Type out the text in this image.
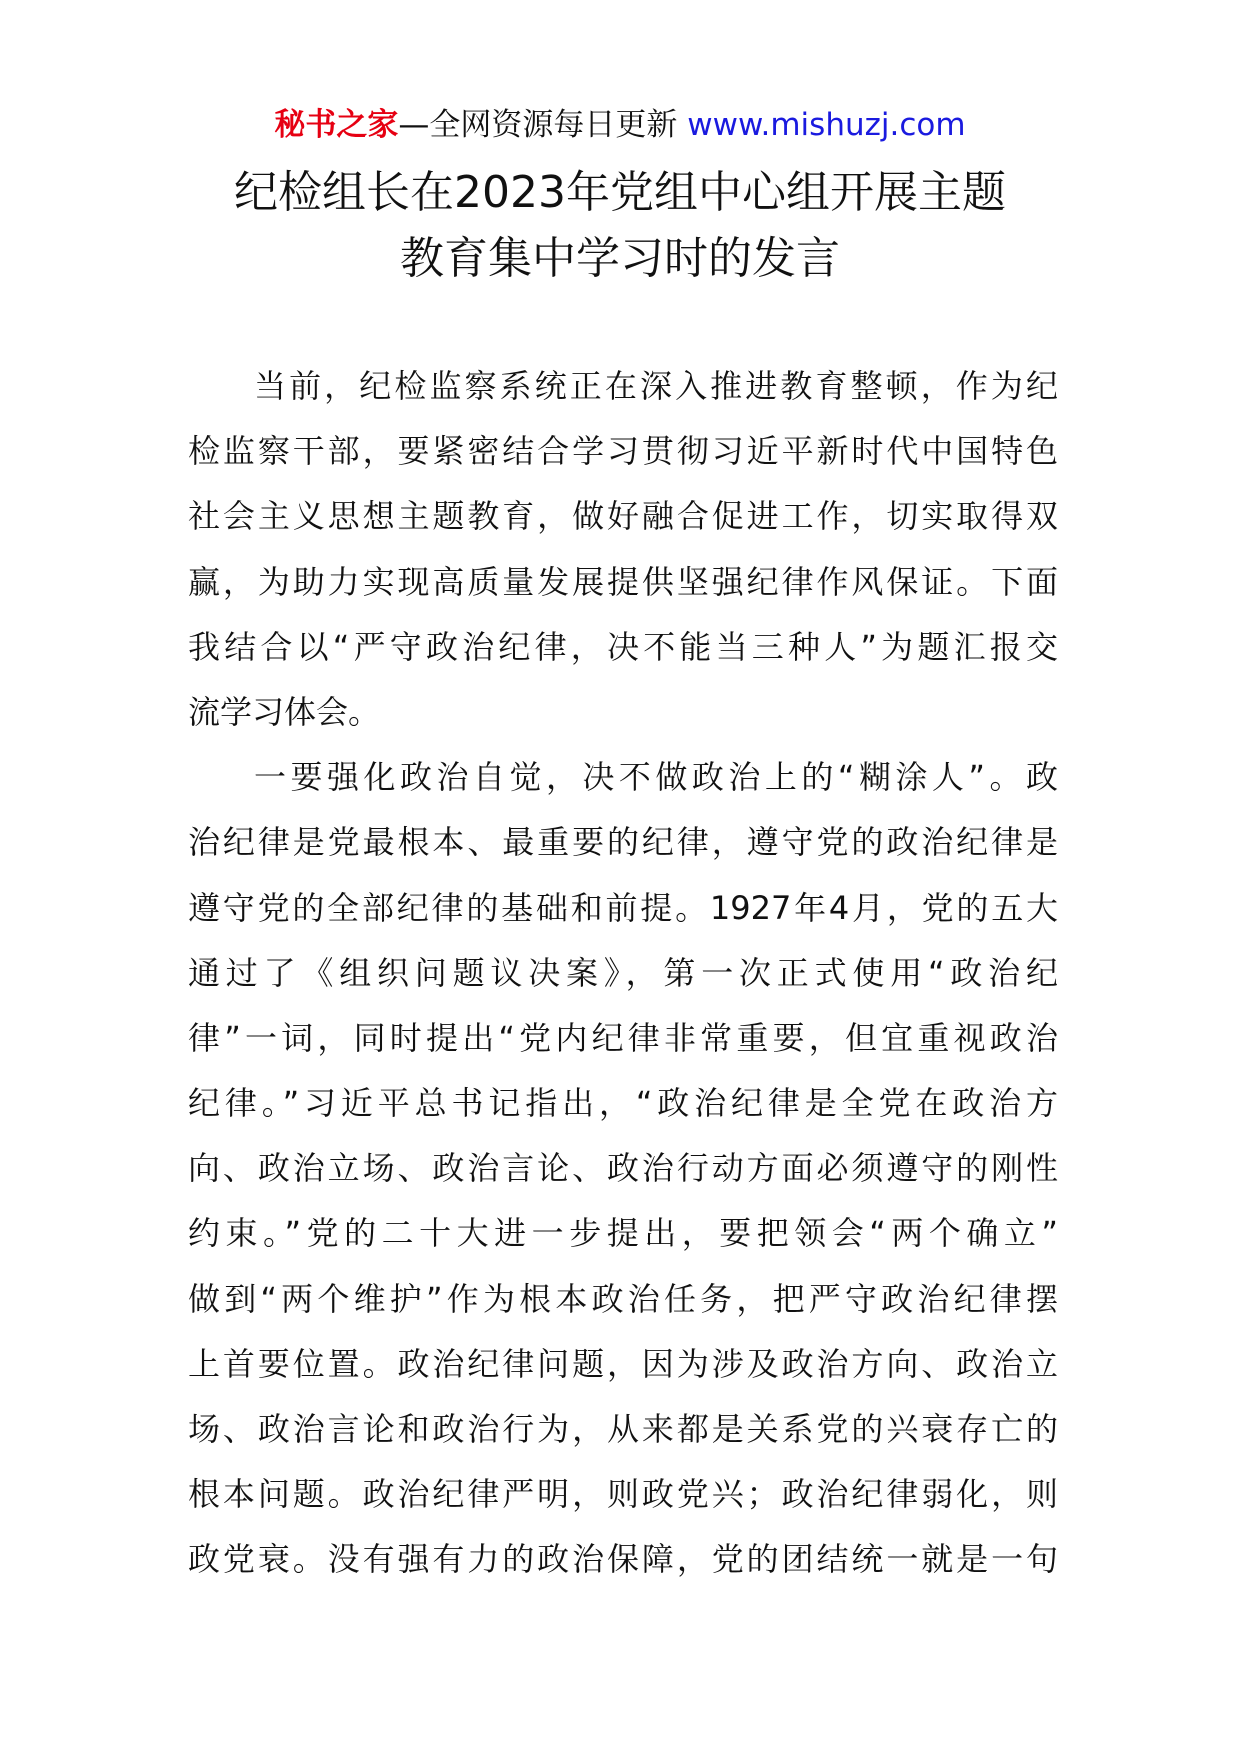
秘书之家—全网资源每日更新 www.mishuzj.com
纪检组长在2023年党组中心组开展主题
教育集中学习时的发言

当前，纪检监察系统正在深入推进教育整顿，作为纪
检监察干部，要紧密结合学习贯彻习近平新时代中国特色
社会主义思想主题教育，做好融合促进工作，切实取得双
赢，为助力实现高质量发展提供坚强纪律作风保证。下面
我结合以“严守政治纪律，决不能当三种人”为题汇报交
流学习体会。

一要强化政治自觉，决不做政治上的“糊涂人”。政
治纪律是党最根本、最重要的纪律，遵守党的政治纪律是
遵守党的全部纪律的基础和前提。1927年4月，党的五大
通过了《组织问题议决案》，第一次正式使用“政治纪
律”一词，同时提出“党内纪律非常重要，但宜重视政治
纪律。”习近平总书记指出，“政治纪律是全党在政治方
向、政治立场、政治言论、政治行动方面必须遵守的刚性
约束。”党的二十大进一步提出，要把领会“两个确立”
做到“两个维护”作为根本政治任务，把严守政治纪律摆
上首要位置。政治纪律问题，因为涉及政治方向、政治立
场、政治言论和政治行为，从来都是关系党的兴衰存亡的
根本问题。政治纪律严明，则政党兴；政治纪律弱化，则
政党衰。没有强有力的政治保障，党的团结统一就是一句
